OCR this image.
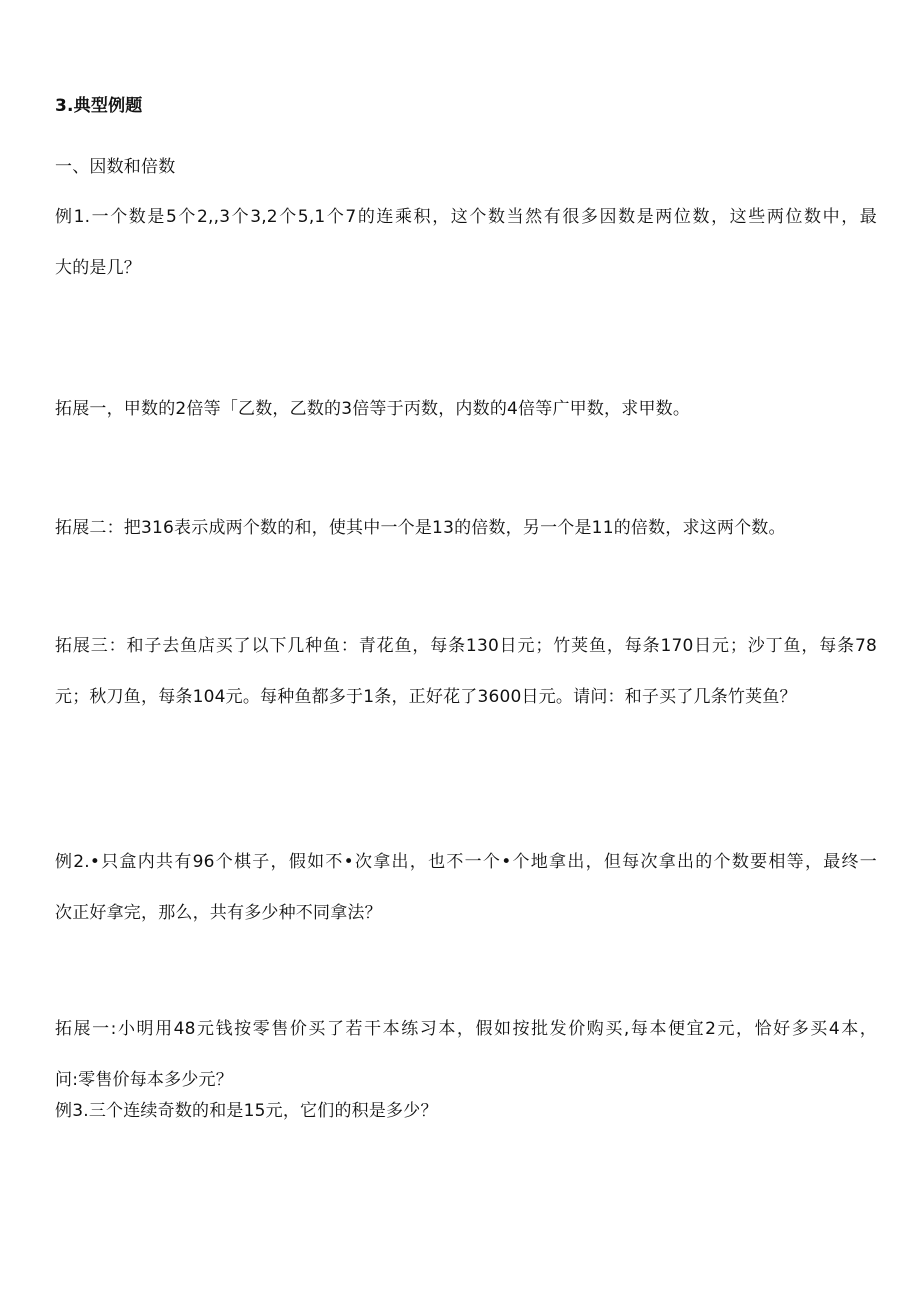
3.典型例题
一、因数和倍数
例1.一个数是5个2,,3个3,2个5,1个7的连乘积，这个数当然有很多因数是两位数，这些两位数中，最
大的是几？
拓展一，甲数的2倍等「乙数，乙数的3倍等于丙数，内数的4倍等广甲数，求甲数。
拓展二：把316表示成两个数的和，使其中一个是13的倍数，另一个是11的倍数，求这两个数。
拓展三：和子去鱼店买了以下几种鱼：青花鱼，每条130日元；竹荚鱼，每条170日元；沙丁鱼，每条78
元；秋刀鱼，每条104元。每种鱼都多于1条，正好花了3600日元。请问：和子买了几条竹荚鱼？
例2.•只盒内共有96个棋子，假如不•次拿出，也不一个•个地拿出，但每次拿出的个数要相等，最终一
次正好拿完，那么，共有多少种不同拿法？
拓展一:小明用48元钱按零售价买了若干本练习本，假如按批发价购买,每本便宜2元，恰好多买4本，
问:零售价每本多少元？
例3.三个连续奇数的和是15元，它们的积是多少？
